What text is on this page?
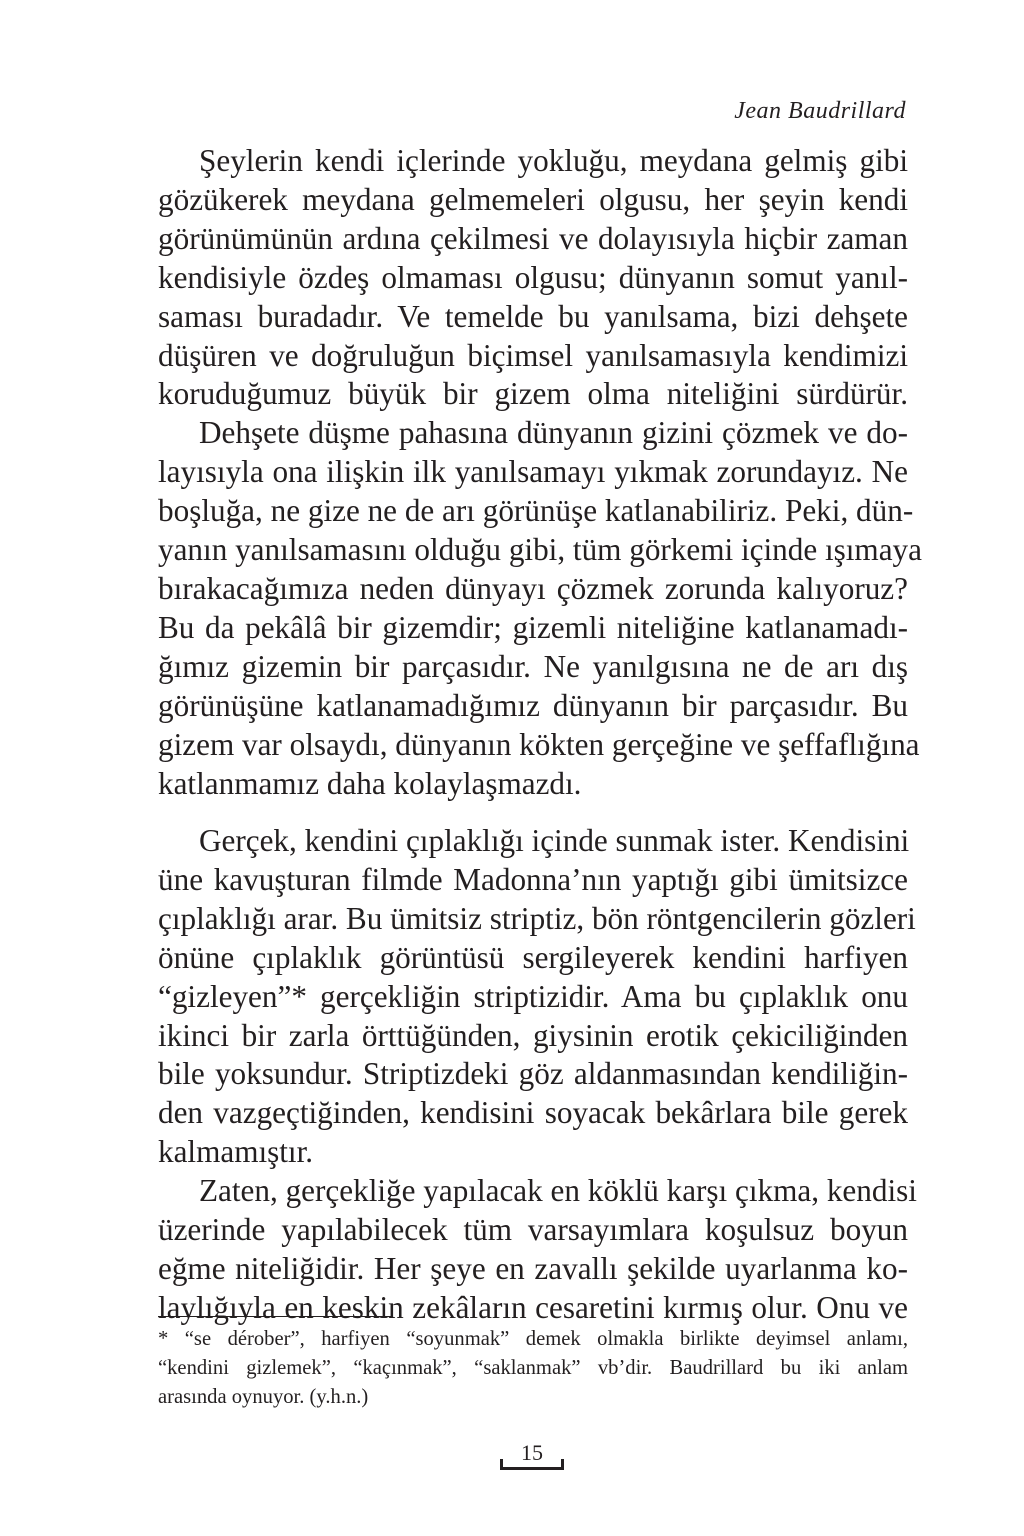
Jean Baudrillard
Şeylerin kendi içlerinde yokluğu, meydana gelmiş gibi
gözükerek meydana gelmemeleri olgusu, her şeyin kendi
görünümünün ardına çekilmesi ve dolayısıyla hiçbir zaman
kendisiyle özdeş olmaması olgusu; dünyanın somut yanıl-
saması buradadır. Ve temelde bu yanılsama, bizi dehşete
düşüren ve doğruluğun biçimsel yanılsamasıyla kendimizi
koruduğumuz büyük bir gizem olma niteliğini sürdürür.
Dehşete düşme pahasına dünyanın gizini çözmek ve do-
layısıyla ona ilişkin ilk yanılsamayı yıkmak zorundayız. Ne
boşluğa, ne gize ne de arı görünüşe katlanabiliriz. Peki, dün-
yanın yanılsamasını olduğu gibi, tüm görkemi içinde ışımaya
bırakacağımıza neden dünyayı çözmek zorunda kalıyoruz?
Bu da pekâlâ bir gizemdir; gizemli niteliğine katlanamadı-
ğımız gizemin bir parçasıdır. Ne yanılgısına ne de arı dış
görünüşüne katlanamadığımız dünyanın bir parçasıdır. Bu
gizem var olsaydı, dünyanın kökten gerçeğine ve şeffaflığına
katlanmamız daha kolaylaşmazdı.
Gerçek, kendini çıplaklığı içinde sunmak ister. Kendisini
üne kavuşturan filmde Madonna’nın yaptığı gibi ümitsizce
çıplaklığı arar. Bu ümitsiz striptiz, bön röntgencilerin gözleri
önüne çıplaklık görüntüsü sergileyerek kendini harfiyen
“gizleyen”* gerçekliğin striptizidir. Ama bu çıplaklık onu
ikinci bir zarla örttüğünden, giysinin erotik çekiciliğinden
bile yoksundur. Striptizdeki göz aldanmasından kendiliğin-
den vazgeçtiğinden, kendisini soyacak bekârlara bile gerek
kalmamıştır.
Zaten, gerçekliğe yapılacak en köklü karşı çıkma, kendisi
üzerinde yapılabilecek tüm varsayımlara koşulsuz boyun
eğme niteliğidir. Her şeye en zavallı şekilde uyarlanma ko-
laylığıyla en keskin zekâların cesaretini kırmış olur. Onu ve
* “se dérober”, harfiyen “soyunmak” demek olmakla birlikte deyimsel anlamı,
“kendini gizlemek”, “kaçınmak”, “saklanmak” vb’dir. Baudrillard bu iki anlam
arasında oynuyor. (y.h.n.)
15
